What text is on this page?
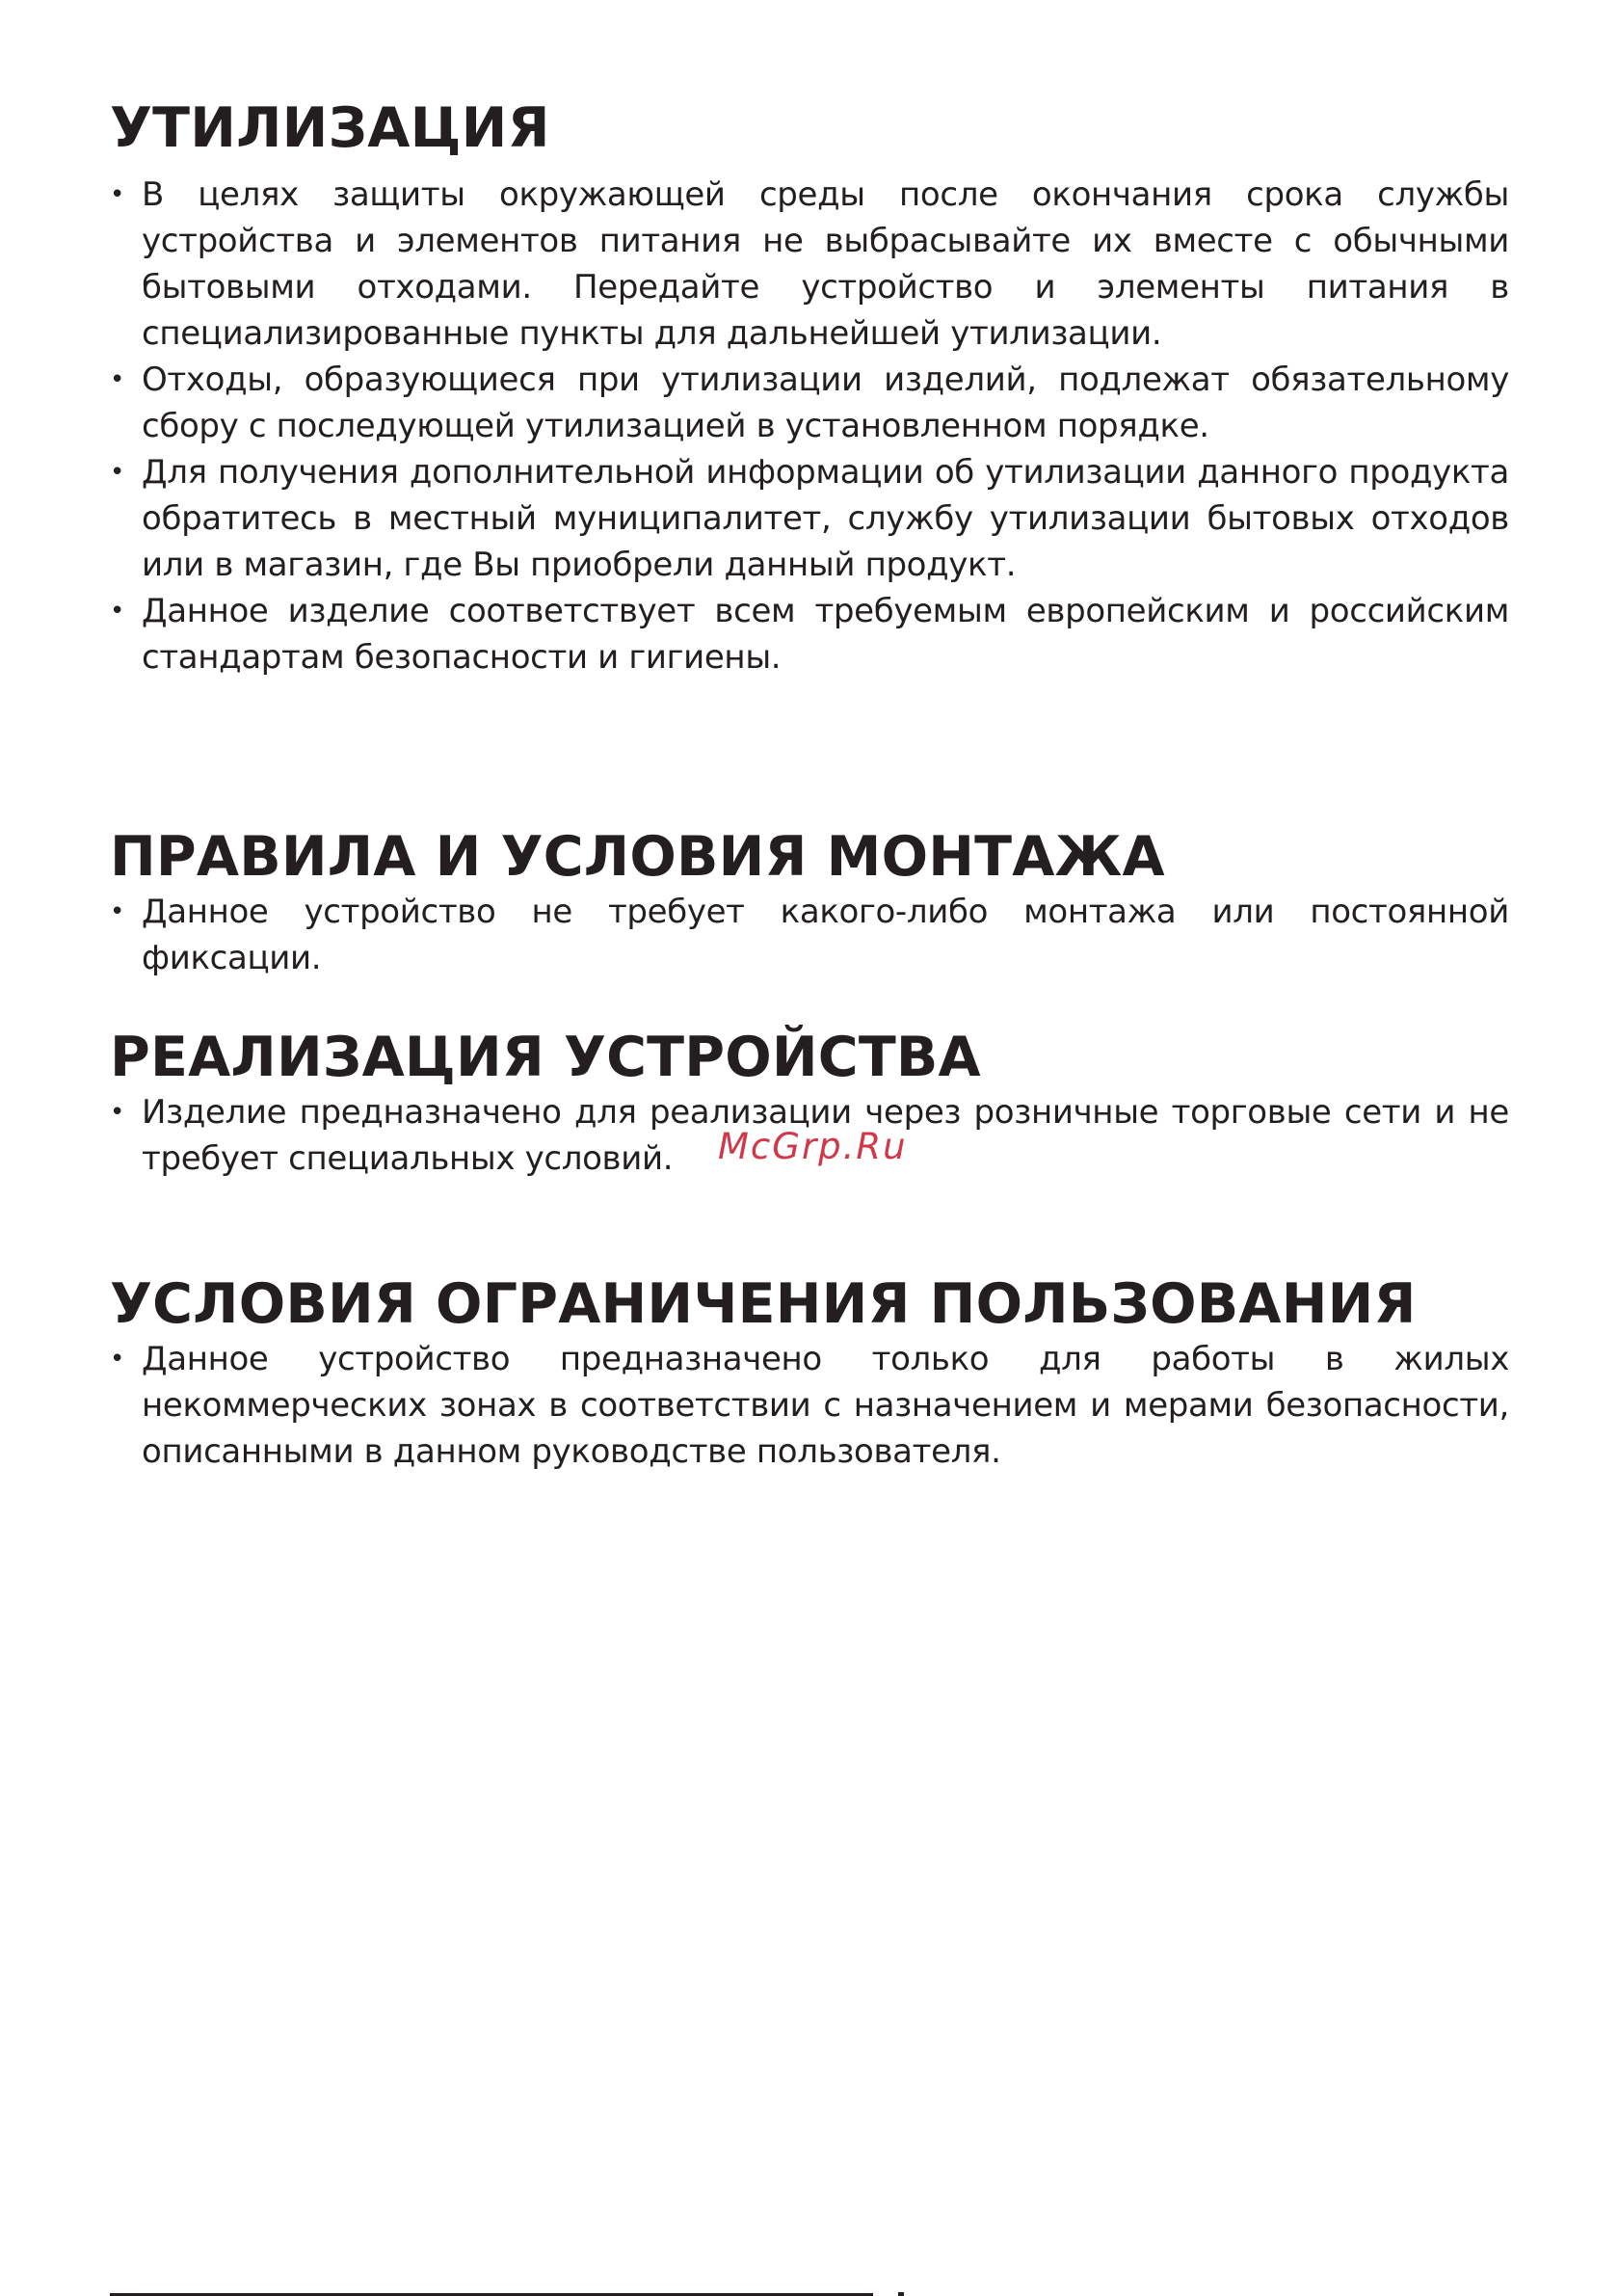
УТИЛИЗАЦИЯ
• В целях защиты окружающей среды после окончания срока службы устройства и элементов питания не выбрасывайте их вместе с обычными бытовыми отходами. Передайте устройство и элементы питания в специализированные пункты для дальнейшей утилизации.
• Отходы, образующиеся при утилизации изделий, подлежат обязательному сбору с последующей утилизацией в установленном порядке.
• Для получения дополнительной информации об утилизации данного продукта обратитесь в местный муниципалитет, службу утилизации бытовых отходов или в магазин, где Вы приобрели данный продукт.
• Данное изделие соответствует всем требуемым европейским и российским стандартам безопасности и гигиены.
ПРАВИЛА И УСЛОВИЯ МОНТАЖА
• Данное устройство не требует какого-либо монтажа или постоянной фиксации.
РЕАЛИЗАЦИЯ УСТРОЙСТВА
• Изделие предназначено для реализации через розничные торговые сети и не требует специальных условий.
УСЛОВИЯ ОГРАНИЧЕНИЯ ПОЛЬЗОВАНИЯ
• Данное устройство предназначено только для работы в жилых некоммерческих зонах в соответствии с назначением и мерами безопасности, описанными в данном руководстве пользователя.
McGrp.Ru
